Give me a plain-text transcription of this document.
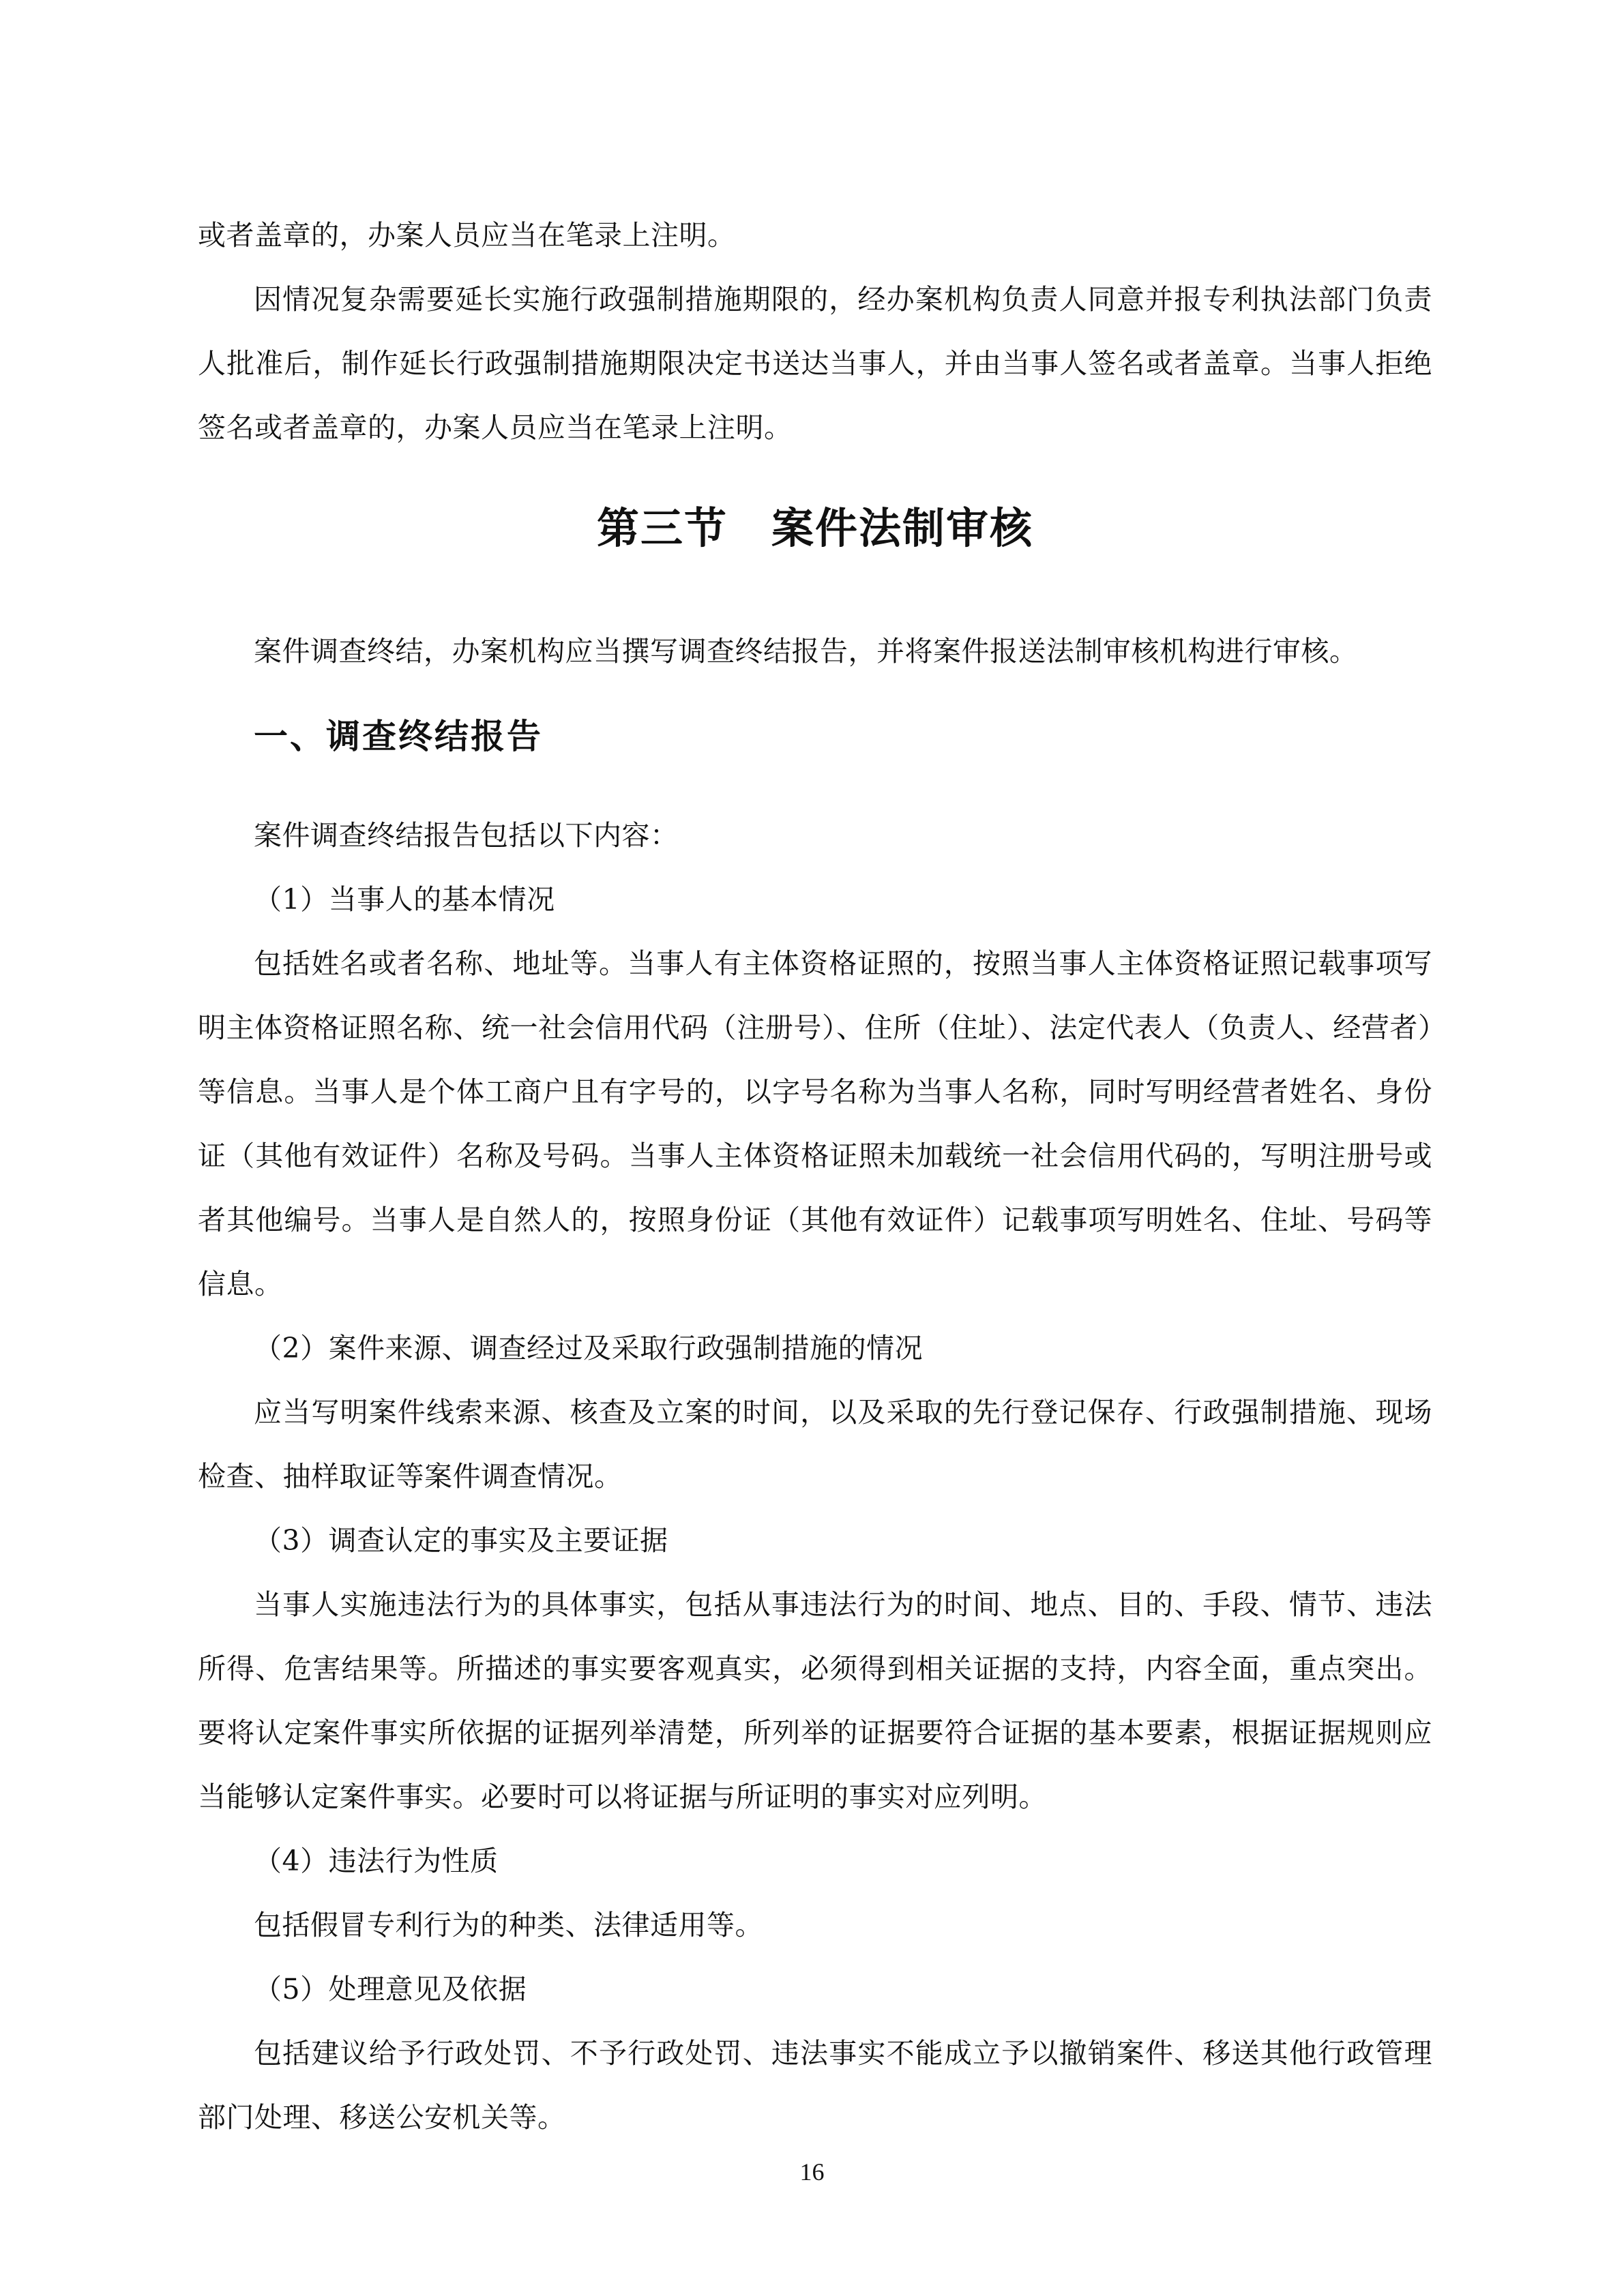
或者盖章的，办案人员应当在笔录上注明。

因情况复杂需要延长实施行政强制措施期限的，经办案机构负责人同意并报专利执法部门负责人批准后，制作延长行政强制措施期限决定书送达当事人，并由当事人签名或者盖章。当事人拒绝签名或者盖章的，办案人员应当在笔录上注明。

第三节　案件法制审核

案件调查终结，办案机构应当撰写调查终结报告，并将案件报送法制审核机构进行审核。

一、调查终结报告

案件调查终结报告包括以下内容：

（1）当事人的基本情况

包括姓名或者名称、地址等。当事人有主体资格证照的，按照当事人主体资格证照记载事项写明主体资格证照名称、统一社会信用代码（注册号）、住所（住址）、法定代表人（负责人、经营者）等信息。当事人是个体工商户且有字号的，以字号名称为当事人名称，同时写明经营者姓名、身份证（其他有效证件）名称及号码。当事人主体资格证照未加载统一社会信用代码的，写明注册号或者其他编号。当事人是自然人的，按照身份证（其他有效证件）记载事项写明姓名、住址、号码等信息。

（2）案件来源、调查经过及采取行政强制措施的情况

应当写明案件线索来源、核查及立案的时间，以及采取的先行登记保存、行政强制措施、现场检查、抽样取证等案件调查情况。

（3）调查认定的事实及主要证据

当事人实施违法行为的具体事实，包括从事违法行为的时间、地点、目的、手段、情节、违法所得、危害结果等。所描述的事实要客观真实，必须得到相关证据的支持，内容全面，重点突出。要将认定案件事实所依据的证据列举清楚，所列举的证据要符合证据的基本要素，根据证据规则应当能够认定案件事实。必要时可以将证据与所证明的事实对应列明。

（4）违法行为性质

包括假冒专利行为的种类、法律适用等。

（5）处理意见及依据

包括建议给予行政处罚、不予行政处罚、违法事实不能成立予以撤销案件、移送其他行政管理部门处理、移送公安机关等。

16
